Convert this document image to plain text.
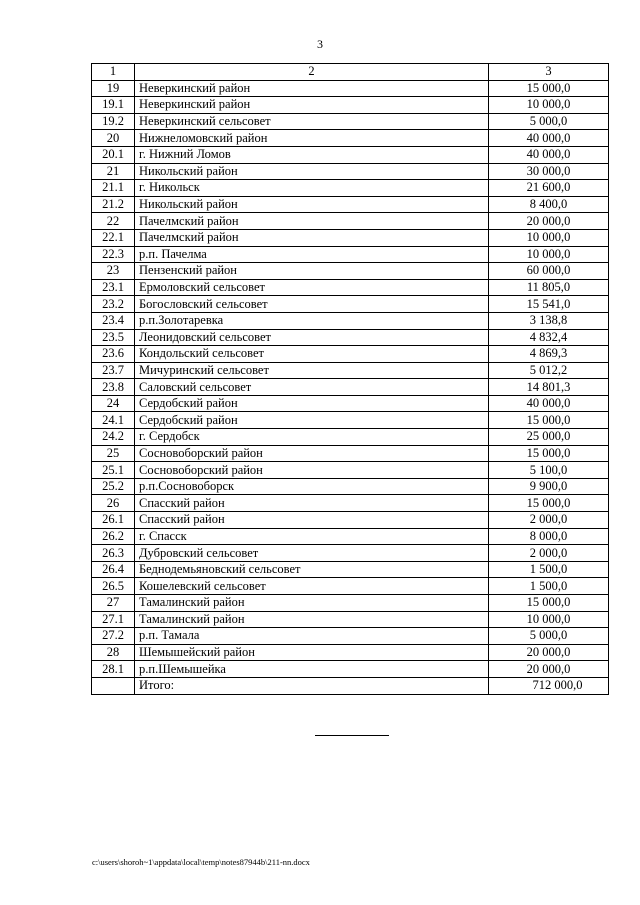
3
1	2	3
19	Неверкинский район	15 000,0
19.1	Неверкинский район	10 000,0
19.2	Неверкинский сельсовет	5 000,0
20	Нижнеломовский район	40 000,0
20.1	г. Нижний Ломов	40 000,0
21	Никольский район	30 000,0
21.1	г. Никольск	21 600,0
21.2	Никольский район	8 400,0
22	Пачелмский район	20 000,0
22.1	Пачелмский район	10 000,0
22.3	р.п. Пачелма	10 000,0
23	Пензенский район	60 000,0
23.1	Ермоловский сельсовет	11 805,0
23.2	Богословский сельсовет	15 541,0
23.4	р.п.Золотаревка	3 138,8
23.5	Леонидовский сельсовет	4 832,4
23.6	Кондольский сельсовет	4 869,3
23.7	Мичуринский сельсовет	5 012,2
23.8	Саловский сельсовет	14 801,3
24	Сердобский район	40 000,0
24.1	Сердобский район	15 000,0
24.2	г. Сердобск	25 000,0
25	Сосновоборский район	15 000,0
25.1	Сосновоборский район	5 100,0
25.2	р.п.Сосновоборск	9 900,0
26	Спасский район	15 000,0
26.1	Спасский район	2 000,0
26.2	г. Спасск	8 000,0
26.3	Дубровский сельсовет	2 000,0
26.4	Беднодемьяновский сельсовет	1 500,0
26.5	Кошелевский сельсовет	1 500,0
27	Тамалинский район	15 000,0
27.1	Тамалинский район	10 000,0
27.2	р.п. Тамала	5 000,0
28	Шемышейский район	20 000,0
28.1	р.п.Шемышейка	20 000,0
	Итого:	712 000,0
c:\users\shoroh~1\appdata\local\temp\notes87944b\211-nn.docx
